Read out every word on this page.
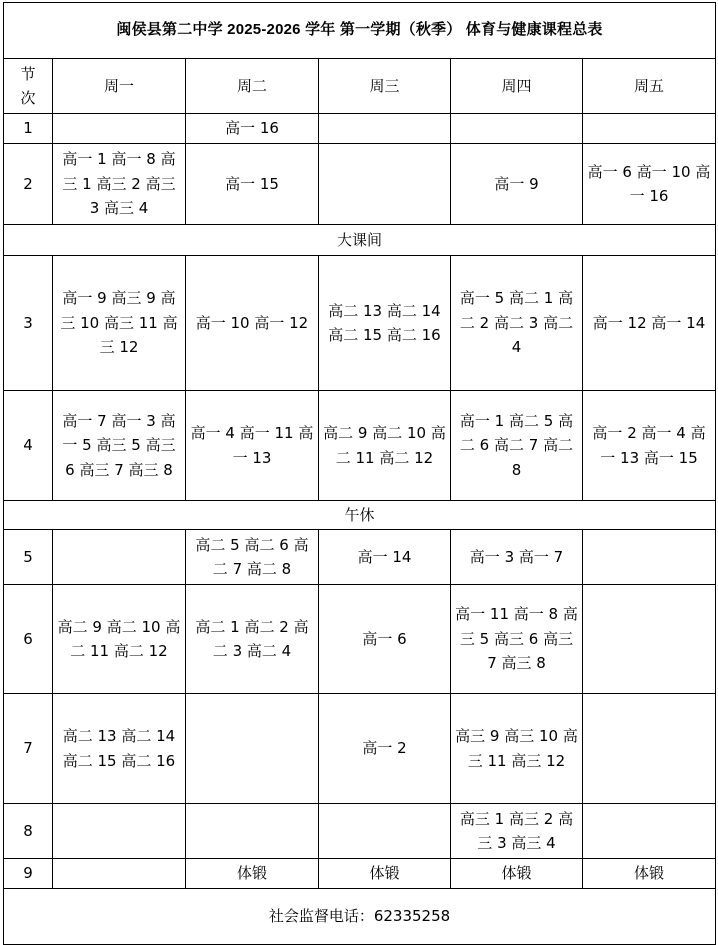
闽侯县第二中学 2025-2026 学年 第一学期（秋季） 体育与健康课程总表					

节
次	周一	周二	周三	周四	周五
1		高一 16			
2	高一 1 高一 8 高三 1 高三 2 高三 3 高三 4	高一 15		高一 9	高一 6 高一 10 高一 16
大课间					
3	高一 9 高三 9 高三 10 高三 11 高三 12	高一 10 高一 12	高二 13 高二 14 高二 15 高二 16	高一 5 高二 1 高二 2 高二 3 高二 4	高一 12 高一 14
4	高一 7 高一 3 高一 5 高三 5 高三 6 高三 7 高三 8	高一 4 高一 11 高一 13	高二 9 高二 10 高二 11 高二 12	高一 1 高二 5 高二 6 高二 7 高二 8	高一 2 高一 4 高一 13 高一 15
午休					
5		高二 5 高二 6 高二 7 高二 8	高一 14	高一 3 高一 7	
6	高二 9 高二 10 高二 11 高二 12	高二 1 高二 2 高二 3 高二 4	高一 6	高一 11 高一 8 高三 5 高三 6 高三 7 高三 8	
7	高二 13 高二 14 高二 15 高二 16		高一 2	高三 9 高三 10 高三 11 高三 12	
8				高三 1 高三 2 高三 3 高三 4	
9		体锻	体锻	体锻	体锻
社会监督电话：62335258					
